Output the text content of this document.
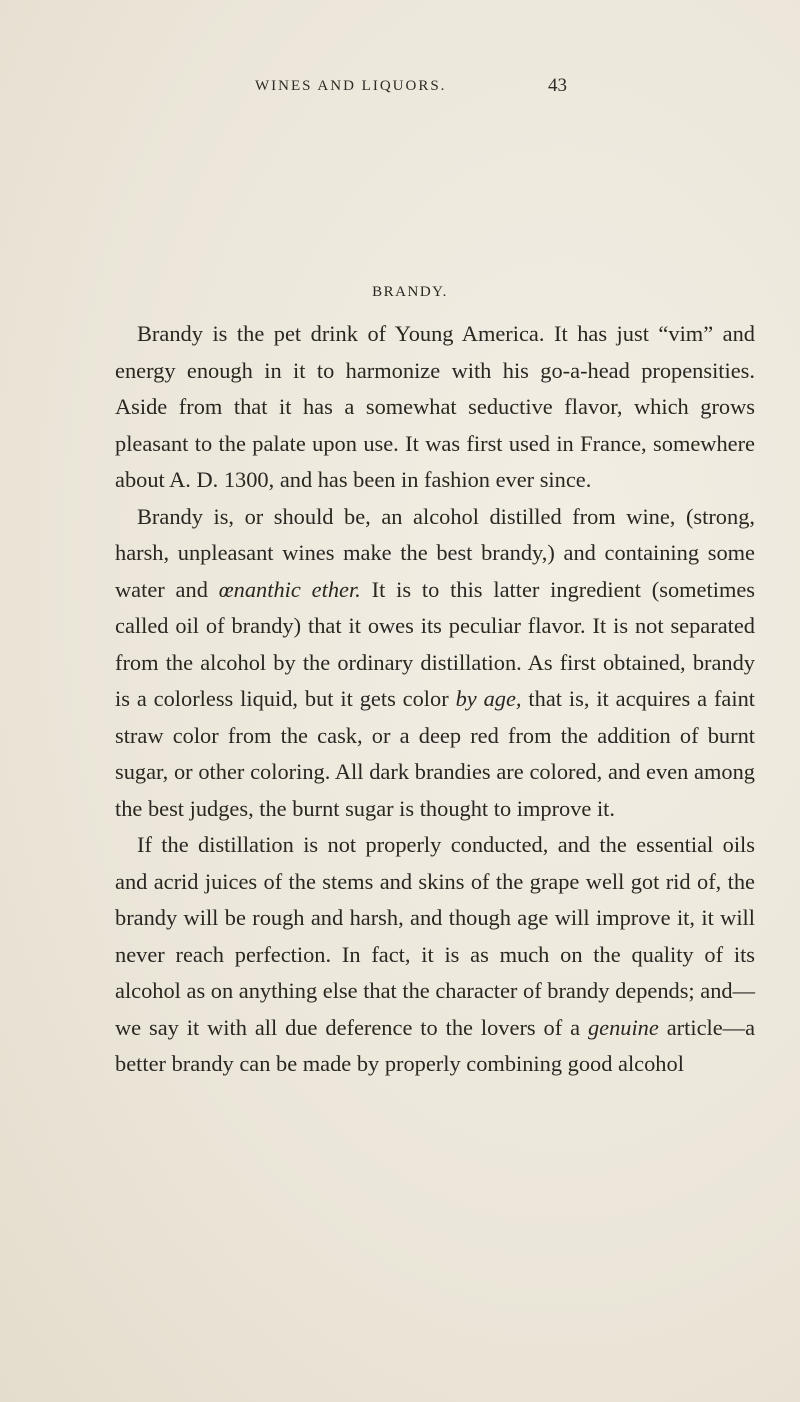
WINES AND LIQUORS.	43
BRANDY.

Brandy is the pet drink of Young America. It has just “vim” and energy enough in it to harmonize with his go-a-head propensities. Aside from that it has a somewhat seductive flavor, which grows pleasant to the palate upon use. It was first used in France, somewhere about A. D. 1300, and has been in fashion ever since.

Brandy is, or should be, an alcohol distilled from wine, (strong, harsh, unpleasant wines make the best brandy,) and containing some water and œnanthic ether. It is to this latter ingredient (sometimes called oil of brandy) that it owes its peculiar flavor. It is not separated from the alcohol by the ordinary distillation. As first obtained, brandy is a colorless liquid, but it gets color by age, that is, it acquires a faint straw color from the cask, or a deep red from the addition of burnt sugar, or other coloring. All dark brandies are colored, and even among the best judges, the burnt sugar is thought to improve it.

If the distillation is not properly conducted, and the essential oils and acrid juices of the stems and skins of the grape well got rid of, the brandy will be rough and harsh, and though age will improve it, it will never reach perfection. In fact, it is as much on the quality of its alcohol as on anything else that the character of brandy depends; and—we say it with all due deference to the lovers of a genuine article—a better brandy can be made by properly combining good alcohol
